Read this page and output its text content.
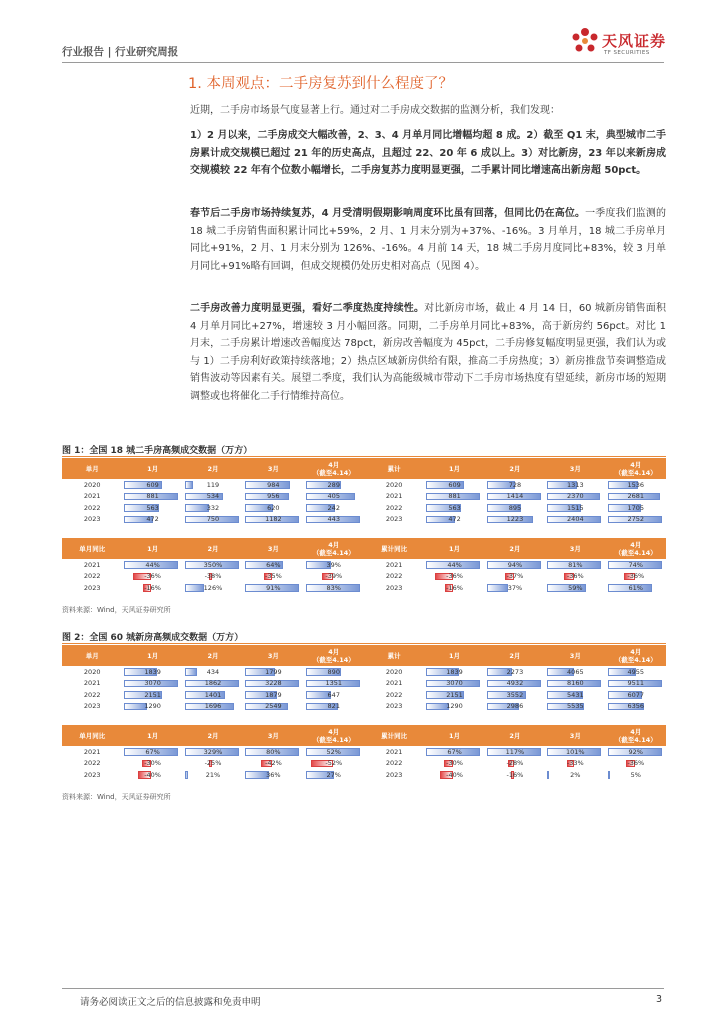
行业报告 | 行业研究周报
天风证券
TF SECURITIES
1. 本周观点：二手房复苏到什么程度了？

近期，二手房市场景气度显著上行。通过对二手房成交数据的监测分析，我们发现：

1）2 月以来，二手房成交大幅改善，2、3、4 月单月同比增幅均超 8 成。2）截至 Q1 末，典型城市二手房累计成交规模已超过 21 年的历史高点，且超过 22、20 年 6 成以上。3）对比新房，23 年以来新房成交规模较 22 年有个位数小幅增长，二手房复苏力度明显更强，二手累计同比增速高出新房超 50pct。

春节后二手房市场持续复苏，4 月受清明假期影响周度环比虽有回落，但同比仍在高位。一季度我们监测的 18 城二手房销售面积累计同比+59%，2 月、1 月末分别为+37%、-16%。3 月单月，18 城二手房单月同比+91%，2 月、1 月末分别为 126%、-16%。4 月前 14 天，18 城二手房月度同比+83%，较 3 月单月同比+91%略有回调，但成交规模仍处历史相对高点（见图 4）。

二手房改善力度明显更强，看好二季度热度持续性。对比新房市场，截止 4 月 14 日，60 城新房销售面积 4 月单月同比+27%，增速较 3 月小幅回落。同期，二手房单月同比+83%，高于新房约 56pct。对比 1 月末，二手房累计增速改善幅度达 78pct，新房改善幅度为 45pct，二手房修复幅度明显更强，我们认为或与 1）二手房利好政策持续落地；2）热点区域新房供给有限，推高二手房热度；3）新房推盘节奏调整造成销售波动等因素有关。展望二季度，我们认为高能级城市带动下二手房市场热度有望延续，新房市场的短期调整或也将催化二手行情维持高位。

图 1：全国 18 城二手房高频成交数据（万方）
单月	1月	2月	3月	4月
（截至4.14）	累计	1月	2月	3月	4月
（截至4.14）
2020	609	119	984	289	2020	609	728	1313	1536
2021	881	534	956	405	2021	881	1414	2370	2681
2022	563	332	620	242	2022	563	895	1515	1705
2023	472	750	1182	443	2023	472	1223	2404	2752
单月同比	1月	2月	3月	4月
（截至4.14）	累计同比	1月	2月	3月	4月
（截至4.14）
2021	44%	350%	64%	39%	2021	44%	94%	81%	74%
2022	-36%	-38%	-35%	-39%	2022	-36%	-37%	-36%	-36%
2023	-16%	126%	91%	83%	2023	-16%	37%	59%	61%
资料来源：Wind，天风证券研究所
图 2：全国 60 城新房高频成交数据（万方）
单月	1月	2月	3月	4月
（截至4.14）	累计	1月	2月	3月	4月
（截至4.14）
2020	1839	434	1799	890	2020	1839	2273	4065	4955
2021	3070	1862	3228	1351	2021	3070	4932	8160	9511
2022	2151	1401	1879	647	2022	2151	3552	5431	6077
2023	1290	1696	2549	821	2023	1290	2986	5535	6356
单月同比	1月	2月	3月	4月
（截至4.14）	累计同比	1月	2月	3月	4月
（截至4.14）
2021	67%	329%	80%	52%	2021	67%	117%	101%	92%
2022	-30%	-25%	-42%	-52%	2022	-30%	-28%	-33%	-36%
2023	-40%	21%	36%	27%	2023	-40%	-16%	2%	5%
资料来源：Wind，天风证券研究所
请务必阅读正文之后的信息披露和免责申明	3
